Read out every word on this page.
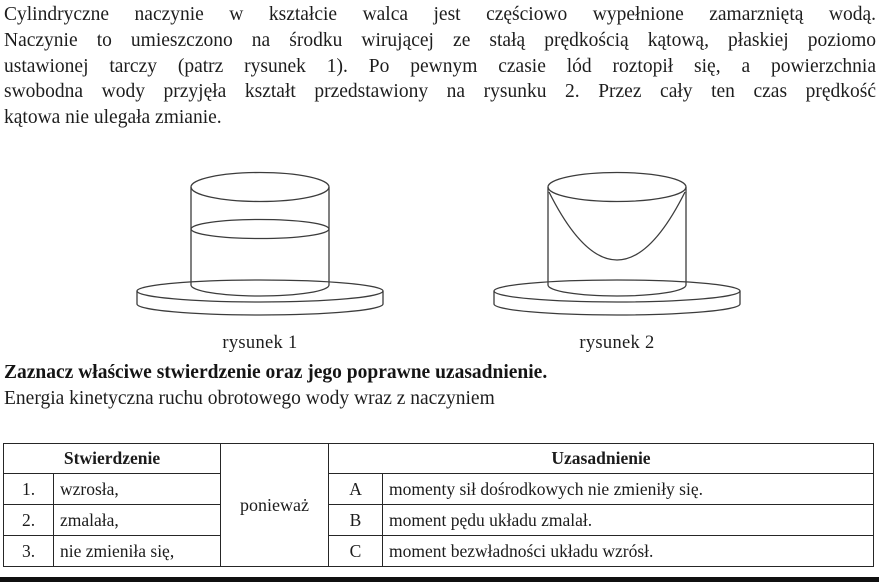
Cylindryczne naczynie w kształcie walca jest częściowo wypełnione zamarzniętą wodą.
Naczynie to umieszczono na środku wirującej ze stałą prędkością kątową, płaskiej poziomo
ustawionej tarczy (patrz rysunek 1). Po pewnym czasie lód roztopił się, a powierzchnia
swobodna wody przyjęła kształt przedstawiony na rysunku 2. Przez cały ten czas prędkość
kątowa nie ulegała zmianie.
rysunek 1	rysunek 2
Zaznacz właściwe stwierdzenie oraz jego poprawne uzasadnienie.
Energia kinetyczna ruchu obrotowego wody wraz z naczyniem
Stwierdzenie		ponieważ	Uzasadnienie	
1.	wzrosła,		A	momenty sił dośrodkowych nie zmieniły się.
2.	zmalała,		B	moment pędu układu zmalał.
3.	nie zmieniła się,		C	moment bezwładności układu wzrósł.
